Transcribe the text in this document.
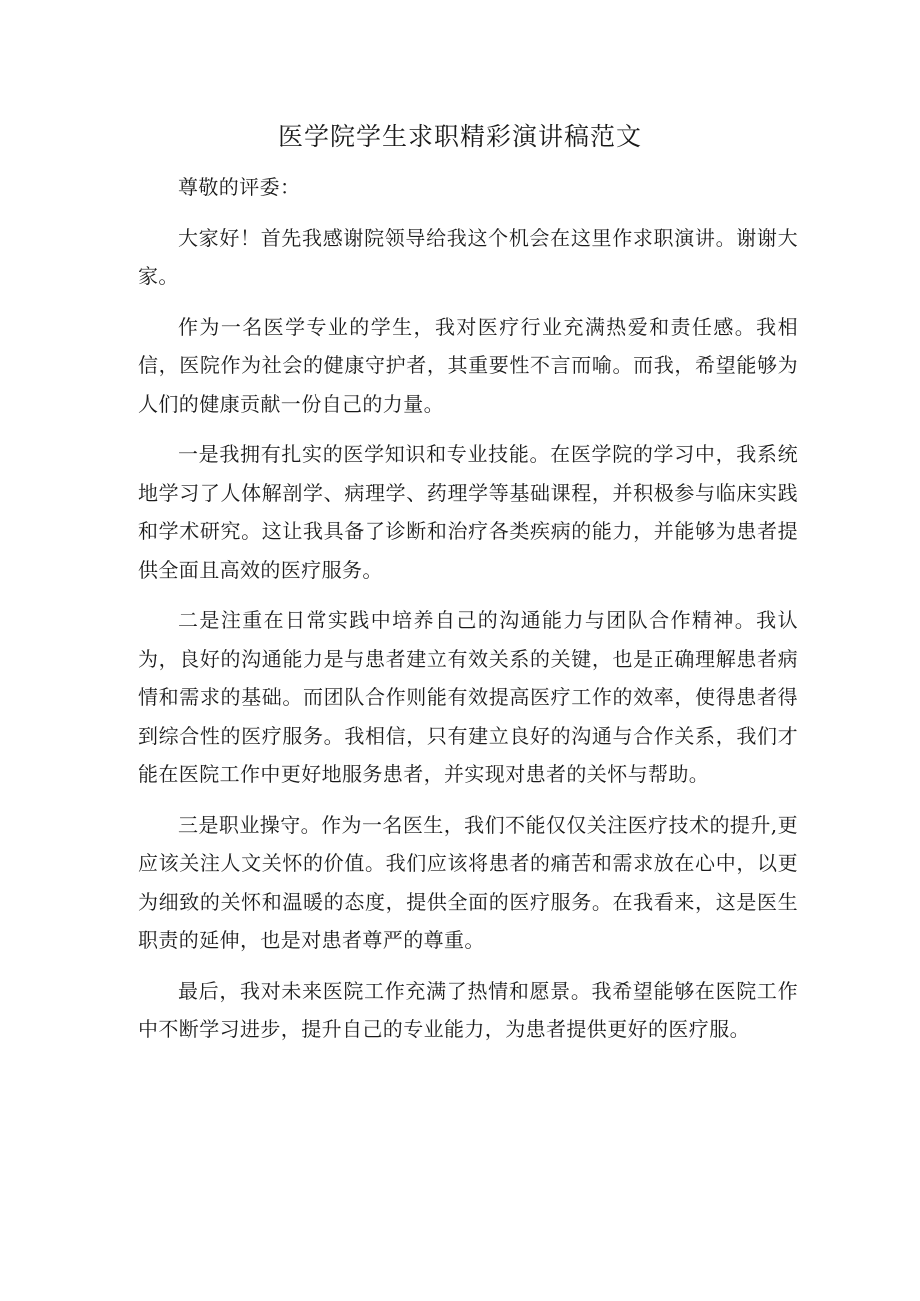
医学院学生求职精彩演讲稿范文

尊敬的评委：

大家好！首先我感谢院领导给我这个机会在这里作求职演讲。谢谢大家。

作为一名医学专业的学生，我对医疗行业充满热爱和责任感。我相信，医院作为社会的健康守护者，其重要性不言而喻。而我，希望能够为人们的健康贡献一份自己的力量。

一是我拥有扎实的医学知识和专业技能。在医学院的学习中，我系统地学习了人体解剖学、病理学、药理学等基础课程，并积极参与临床实践和学术研究。这让我具备了诊断和治疗各类疾病的能力，并能够为患者提供全面且高效的医疗服务。

二是注重在日常实践中培养自己的沟通能力与团队合作精神。我认为，良好的沟通能力是与患者建立有效关系的关键，也是正确理解患者病情和需求的基础。而团队合作则能有效提高医疗工作的效率，使得患者得到综合性的医疗服务。我相信，只有建立良好的沟通与合作关系，我们才能在医院工作中更好地服务患者，并实现对患者的关怀与帮助。

三是职业操守。作为一名医生，我们不能仅仅关注医疗技术的提升,更应该关注人文关怀的价值。我们应该将患者的痛苦和需求放在心中，以更为细致的关怀和温暖的态度，提供全面的医疗服务。在我看来，这是医生职责的延伸，也是对患者尊严的尊重。

最后，我对未来医院工作充满了热情和愿景。我希望能够在医院工作中不断学习进步，提升自己的专业能力，为患者提供更好的医疗服。
